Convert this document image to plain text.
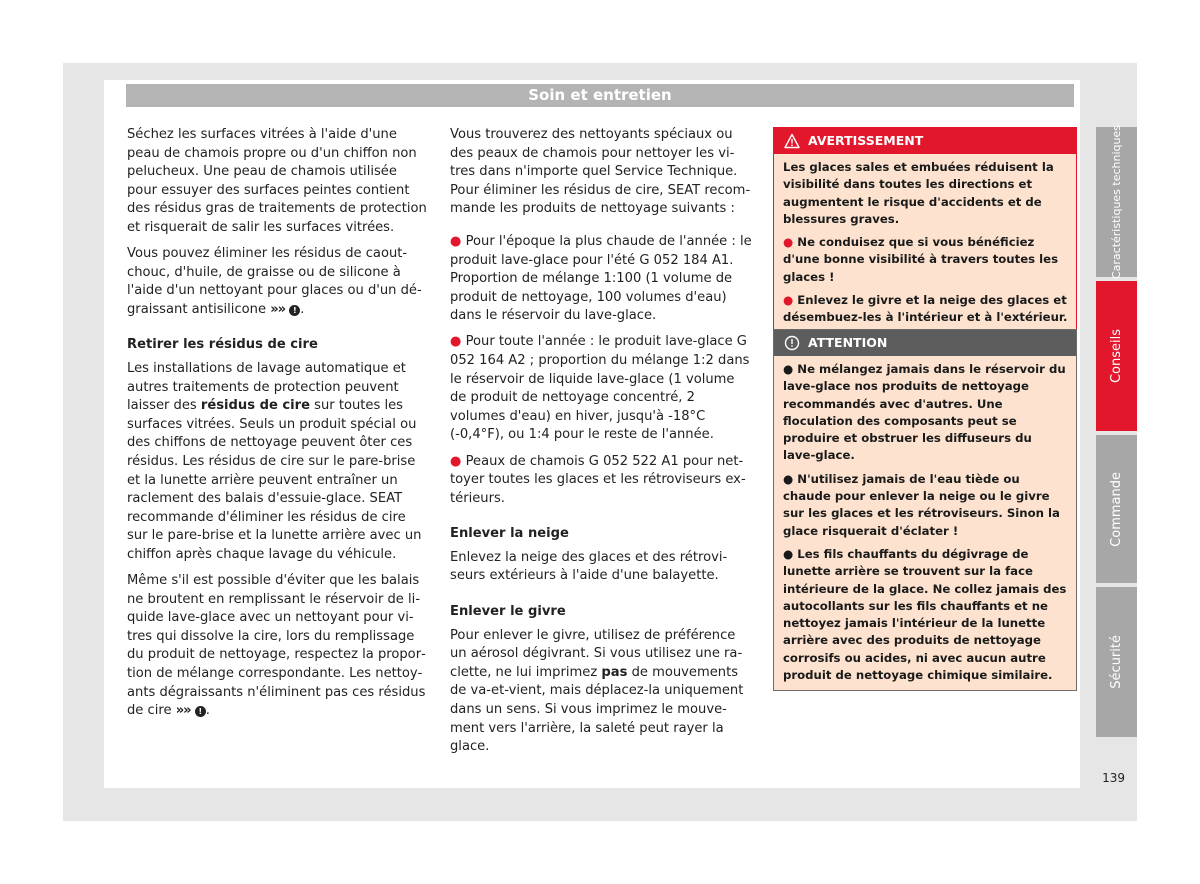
Soin et entretien

Séchez les surfaces vitrées à l'aide d'une peau de chamois propre ou d'un chiffon non pelucheux. Une peau de chamois utilisée pour essuyer des surfaces peintes contient des résidus gras de traitements de protection et risquerait de salir les surfaces vitrées.

Vous pouvez éliminer les résidus de caoutchouc, d'huile, de graisse ou de silicone à l'aide d'un nettoyant pour glaces ou d'un dégraissant antisilicone »» ! .

Retirer les résidus de cire

Les installations de lavage automatique et autres traitements de protection peuvent laisser des résidus de cire sur toutes les surfaces vitrées. Seuls un produit spécial ou des chiffons de nettoyage peuvent ôter ces résidus. Les résidus de cire sur le pare-brise et la lunette arrière peuvent entraîner un raclement des balais d'essuie-glace. SEAT recommande d'éliminer les résidus de cire sur le pare-brise et la lunette arrière avec un chiffon après chaque lavage du véhicule.

Même s'il est possible d'éviter que les balais ne broutent en remplissant le réservoir de liquide lave-glace avec un nettoyant pour vitres qui dissolve la cire, lors du remplissage du produit de nettoyage, respectez la proportion de mélange correspondante. Les nettoyants dégraissants n'éliminent pas ces résidus de cire »» ! .

Vous trouverez des nettoyants spéciaux ou des peaux de chamois pour nettoyer les vitres dans n'importe quel Service Technique. Pour éliminer les résidus de cire, SEAT recommande les produits de nettoyage suivants :

● Pour l'époque la plus chaude de l'année : le produit lave-glace pour l'été G 052 184 A1. Proportion de mélange 1:100 (1 volume de produit de nettoyage, 100 volumes d'eau) dans le réservoir du lave-glace.

● Pour toute l'année : le produit lave-glace G 052 164 A2 ; proportion du mélange 1:2 dans le réservoir de liquide lave-glace (1 volume de produit de nettoyage concentré, 2 volumes d'eau) en hiver, jusqu'à -18°C (-0,4°F), ou 1:4 pour le reste de l'année.

● Peaux de chamois G 052 522 A1 pour nettoyer toutes les glaces et les rétroviseurs extérieurs.

Enlever la neige

Enlevez la neige des glaces et des rétroviseurs extérieurs à l'aide d'une balayette.

Enlever le givre

Pour enlever le givre, utilisez de préférence un aérosol dégivrant. Si vous utilisez une raclette, ne lui imprimez pas de mouvements de va-et-vient, mais déplacez-la uniquement dans un sens. Si vous imprimez le mouvement vers l'arrière, la saleté peut rayer la glace.

AVERTISSEMENT

Les glaces sales et embuées réduisent la visibilité dans toutes les directions et augmentent le risque d'accidents et de blessures graves.

● Ne conduisez que si vous bénéficiez d'une bonne visibilité à travers toutes les glaces !

● Enlevez le givre et la neige des glaces et désembuez-les à l'intérieur et à l'extérieur.

ATTENTION

● Ne mélangez jamais dans le réservoir du lave-glace nos produits de nettoyage recommandés avec d'autres. Une floculation des composants peut se produire et obstruer les diffuseurs du lave-glace.

● N'utilisez jamais de l'eau tiède ou chaude pour enlever la neige ou le givre sur les glaces et les rétroviseurs. Sinon la glace risquerait d'éclater !

● Les fils chauffants du dégivrage de lunette arrière se trouvent sur la face intérieure de la glace. Ne collez jamais des autocollants sur les fils chauffants et ne nettoyez jamais l'intérieur de la lunette arrière avec des produits de nettoyage corrosifs ou acides, ni avec aucun autre produit de nettoyage chimique similaire.

Caractéristiques techniques
Conseils
Commande
Sécurité
139
